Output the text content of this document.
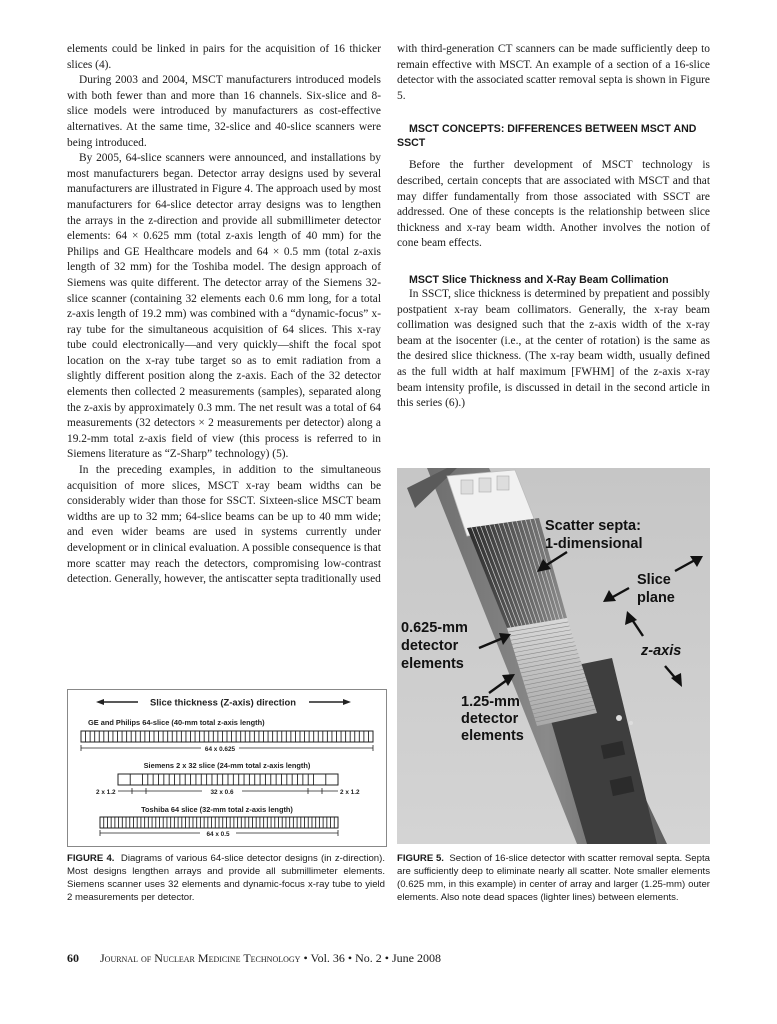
elements could be linked in pairs for the acquisition of 16 thicker slices (4).

During 2003 and 2004, MSCT manufacturers introduced models with both fewer than and more than 16 channels. Six-slice and 8-slice models were introduced by manufacturers as cost-effective alternatives. At the same time, 32-slice and 40-slice scanners were being introduced.

By 2005, 64-slice scanners were announced, and installations by most manufacturers began. Detector array designs used by several manufacturers are illustrated in Figure 4. The approach used by most manufacturers for 64-slice detector array designs was to lengthen the arrays in the z-direction and provide all submillimeter detector elements: 64 × 0.625 mm (total z-axis length of 40 mm) for the Philips and GE Healthcare models and 64 × 0.5 mm (total z-axis length of 32 mm) for the Toshiba model. The design approach of Siemens was quite different. The detector array of the Siemens 32-slice scanner (containing 32 elements each 0.6 mm long, for a total z-axis length of 19.2 mm) was combined with a “dynamic-focus” x-ray tube for the simultaneous acquisition of 64 slices. This x-ray tube could electronically—and very quickly—shift the focal spot location on the x-ray tube target so as to emit radiation from a slightly different position along the z-axis. Each of the 32 detector elements then collected 2 measurements (samples), separated along the z-axis by approximately 0.3 mm. The net result was a total of 64 measurements (32 detectors × 2 measurements per detector) along a 19.2-mm total z-axis field of view (this process is referred to in Siemens literature as “Z-Sharp” technology) (5).

In the preceding examples, in addition to the simultaneous acquisition of more slices, MSCT x-ray beam widths can be considerably wider than those for SSCT. Sixteen-slice MSCT beam widths are up to 32 mm; 64-slice beams can be up to 40 mm wide; and even wider beams are used in systems currently under development or in clinical evaluation. A possible consequence is that more scatter may reach the detectors, compromising low-contrast detection. Generally, however, the antiscatter septa traditionally used

with third-generation CT scanners can be made sufficiently deep to remain effective with MSCT. An example of a section of a 16-slice detector with the associated scatter removal septa is shown in Figure 5.

MSCT CONCEPTS: DIFFERENCES BETWEEN MSCT AND SSCT

Before the further development of MSCT technology is described, certain concepts that are associated with MSCT and that may differ fundamentally from those associated with SSCT are addressed. One of these concepts is the relationship between slice thickness and x-ray beam width. Another involves the notion of cone beam effects.

MSCT Slice Thickness and X-Ray Beam Collimation

In SSCT, slice thickness is determined by prepatient and possibly postpatient x-ray beam collimators. Generally, the x-ray beam collimation was designed such that the z-axis width of the x-ray beam at the isocenter (i.e., at the center of rotation) is the same as the desired slice thickness. (The x-ray beam width, usually defined as the full width at half maximum [FWHM] of the z-axis x-ray beam intensity profile, is discussed in detail in the second article in this series (6).)

Slice thickness (Z-axis) direction
GE and Philips 64-slice (40-mm total z-axis length)
64 x 0.625
Siemens 2 x 32 slice (24-mm total z-axis length)
2 x 1.2	32 x 0.6	2 x 1.2
Toshiba 64 slice (32-mm total z-axis length)
64 x 0.5
FIGURE 4. Diagrams of various 64-slice detector designs (in z-direction). Most designs lengthen arrays and provide all submillimeter elements. Siemens scanner uses 32 elements and dynamic-focus x-ray tube to yield 2 measurements per detector.
Scatter septa:
1-dimensional
Slice
plane
0.625-mm
detector
elements
z-axis
1.25-mm
detector
elements
FIGURE 5. Section of 16-slice detector with scatter removal septa. Septa are sufficiently deep to eliminate nearly all scatter. Note smaller elements (0.625 mm, in this example) in center of array and larger (1.25-mm) outer elements. Also note dead spaces (lighter lines) between elements.
60 Journal of Nuclear Medicine Technology • Vol. 36 • No. 2 • June 2008
